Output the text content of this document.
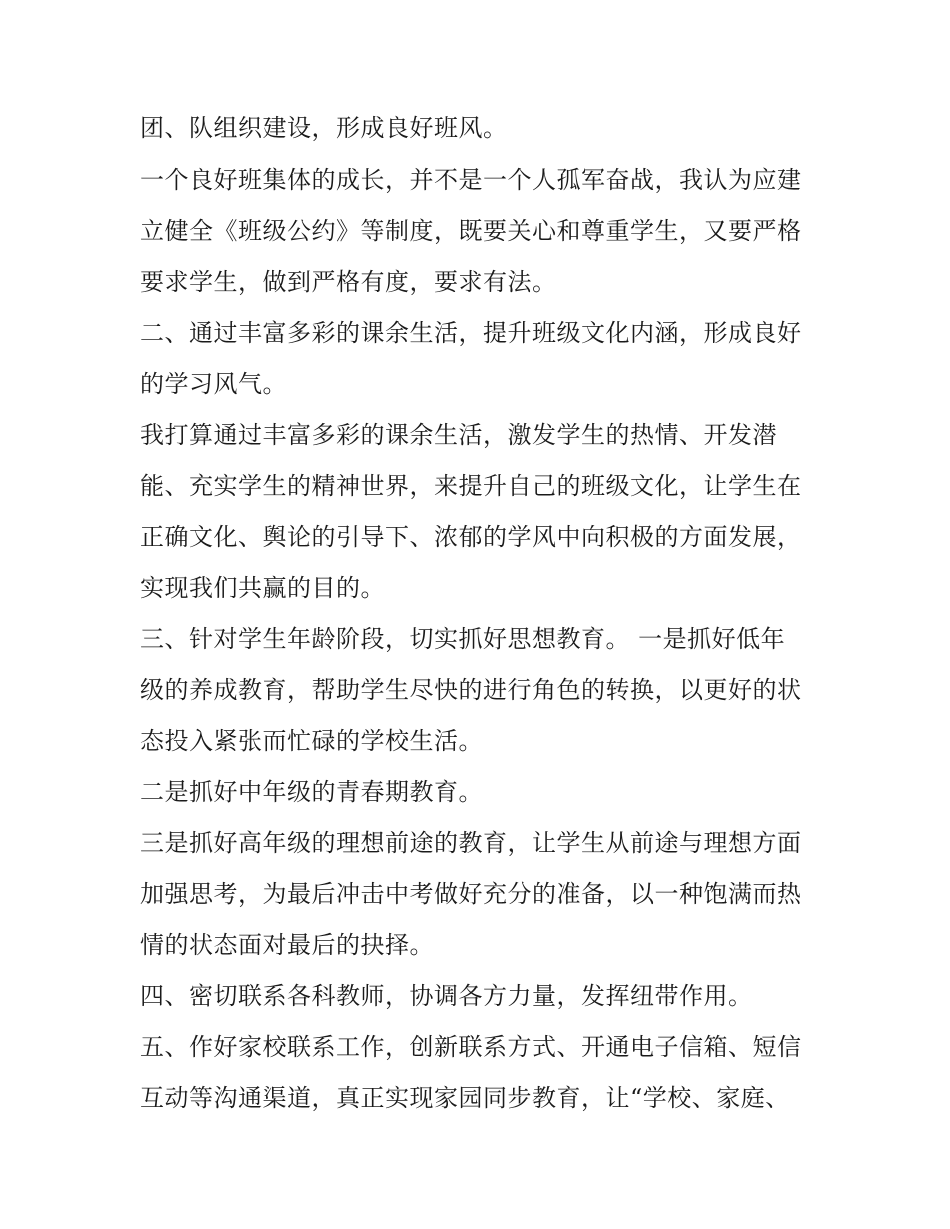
团、队组织建设，形成良好班风。

一个良好班集体的成长，并不是一个人孤军奋战，我认为应建

立健全《班级公约》等制度，既要关心和尊重学生，又要严格

要求学生，做到严格有度，要求有法。

二、通过丰富多彩的课余生活，提升班级文化内涵，形成良好

的学习风气。

我打算通过丰富多彩的课余生活，激发学生的热情、开发潜

能、充实学生的精神世界，来提升自己的班级文化，让学生在

正确文化、舆论的引导下、浓郁的学风中向积极的方面发展，

实现我们共赢的目的。

三、针对学生年龄阶段，切实抓好思想教育。 一是抓好低年

级的养成教育，帮助学生尽快的进行角色的转换，以更好的状

态投入紧张而忙碌的学校生活。

二是抓好中年级的青春期教育。

三是抓好高年级的理想前途的教育，让学生从前途与理想方面

加强思考，为最后冲击中考做好充分的准备，以一种饱满而热

情的状态面对最后的抉择。

四、密切联系各科教师，协调各方力量，发挥纽带作用。

五、作好家校联系工作，创新联系方式、开通电子信箱、短信

互动等沟通渠道，真正实现家园同步教育，让“学校、家庭、
